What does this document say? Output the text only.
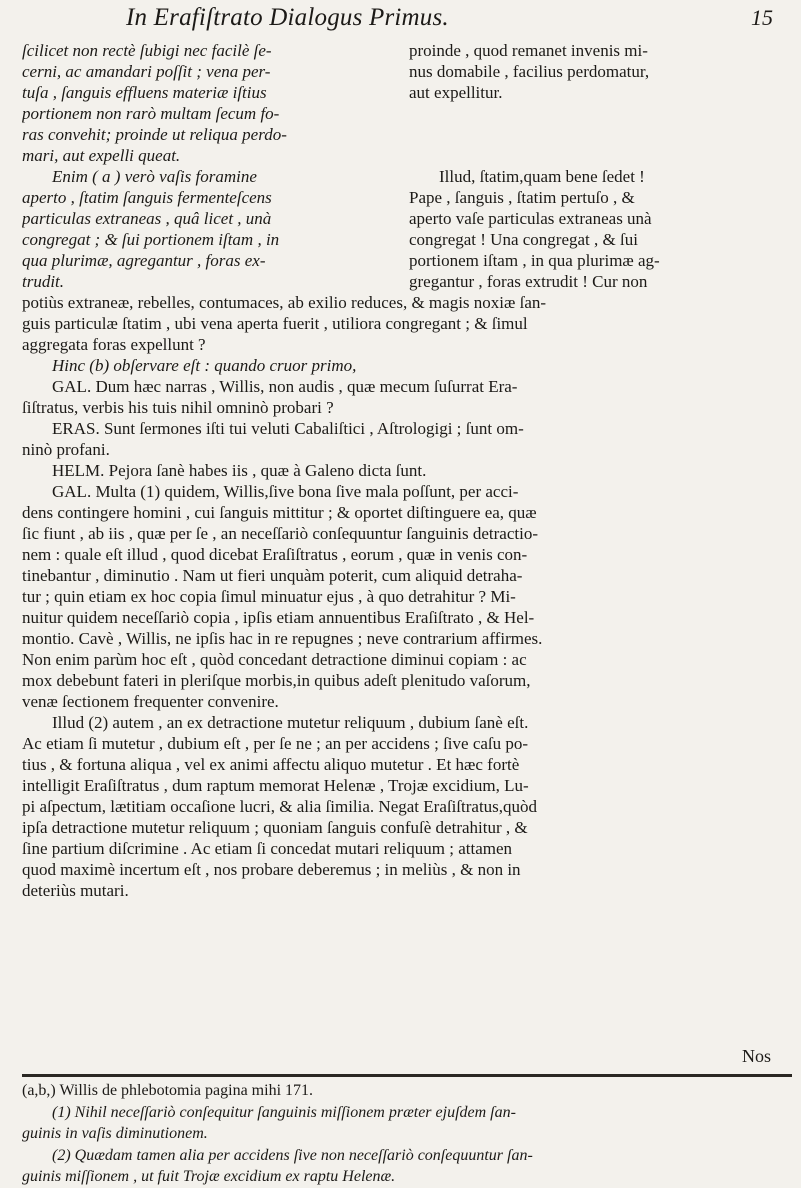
In Erafiſtrato Dialogus Primus.	15
ſcilicet non rectè ſubigi nec facilè ſe-
cerni, ac amandari poſſit ; vena per-
tuſa , ſanguis effluens materiæ iſtius
portionem non rarò multam ſecum fo-
ras convehit; proinde ut reliqua perdo-
mari, aut expelli queat.
Enim ( a ) verò vaſis foramine
aperto , ſtatim ſanguis fermenteſcens
particulas extraneas , quâ licet , unà
congregat ; & ſui portionem iſtam , in
qua plurimæ, agregantur , foras ex-
trudit.
proinde , quod remanet invenis mi-
nus domabile , facilius perdomatur,
aut expellitur.
Illud, ſtatim,quam bene ſedet !
Pape , ſanguis , ſtatim pertuſo , &
aperto vaſe particulas extraneas unà
congregat ! Una congregat , & ſui
portionem iſtam , in qua plurimæ ag-
gregantur , foras extrudit ! Cur non
potiùs extraneæ, rebelles, contumaces, ab exilio reduces, & magis noxiæ ſan-
guis particulæ ſtatim , ubi vena aperta fuerit , utiliora congregant ; & ſimul
aggregata foras expellunt ?
Hinc (b) obſervare eſt : quando cruor primo,
GAL. Dum hæc narras , Willis, non audis , quæ mecum ſuſurrat Era-
ſiſtratus, verbis his tuis nihil omninò probari ?
ERAS. Sunt ſermones iſti tui veluti Cabaliſtici , Aſtrologigi ; ſunt om-
ninò profani.
HELM. Pejora ſanè habes iis , quæ à Galeno dicta ſunt.
GAL. Multa (1) quidem, Willis,ſive bona ſive mala poſſunt, per acci-
dens contingere homini , cui ſanguis mittitur ; & oportet diſtinguere ea, quæ
ſic fiunt , ab iis , quæ per ſe , an neceſſariò conſequuntur ſanguinis detractio-
nem : quale eſt illud , quod dicebat Eraſiſtratus , eorum , quæ in venis con-
tinebantur , diminutio . Nam ut fieri unquàm poterit, cum aliquid detraha-
tur ; quin etiam ex hoc copia ſimul minuatur ejus , à quo detrahitur ? Mi-
nuitur quidem neceſſariò copia , ipſis etiam annuentibus Eraſiſtrato , & Hel-
montio. Cavè , Willis, ne ipſis hac in re repugnes ; neve contrarium affirmes.
Non enim parùm hoc eſt , quòd concedant detractione diminui copiam : ac
mox debebunt fateri in pleriſque morbis,in quibus adeſt plenitudo vaſorum,
venæ ſectionem frequenter convenire.
Illud (2) autem , an ex detractione mutetur reliquum , dubium ſanè eſt.
Ac etiam ſi mutetur , dubium eſt , per ſe ne ; an per accidens ; ſive caſu po-
tius , & fortuna aliqua , vel ex animi affectu aliquo mutetur . Et hæc fortè
intelligit Eraſiſtratus , dum raptum memorat Helenæ , Trojæ excidium, Lu-
pi aſpectum, lætitiam occaſione lucri, & alia ſimilia. Negat Eraſiſtratus,quòd
ipſa detractione mutetur reliquum ; quoniam ſanguis confuſè detrahitur , &
ſine partium diſcrimine . Ac etiam ſi concedat mutari reliquum ; attamen
quod maximè incertum eſt , nos probare deberemus ; in meliùs , & non in
deteriùs mutari.
Nos
(a,b,) Willis de phlebotomia pagina mihi 171.
(1) Nihil neceſſariò conſequitur ſanguinis miſſionem præter ejuſdem ſan-
guinis in vaſis diminutionem.
(2) Quædam tamen alia per accidens ſive non neceſſariò conſequuntur ſan-
guinis miſſionem , ut fuit Trojæ excidium ex raptu Helenæ.
